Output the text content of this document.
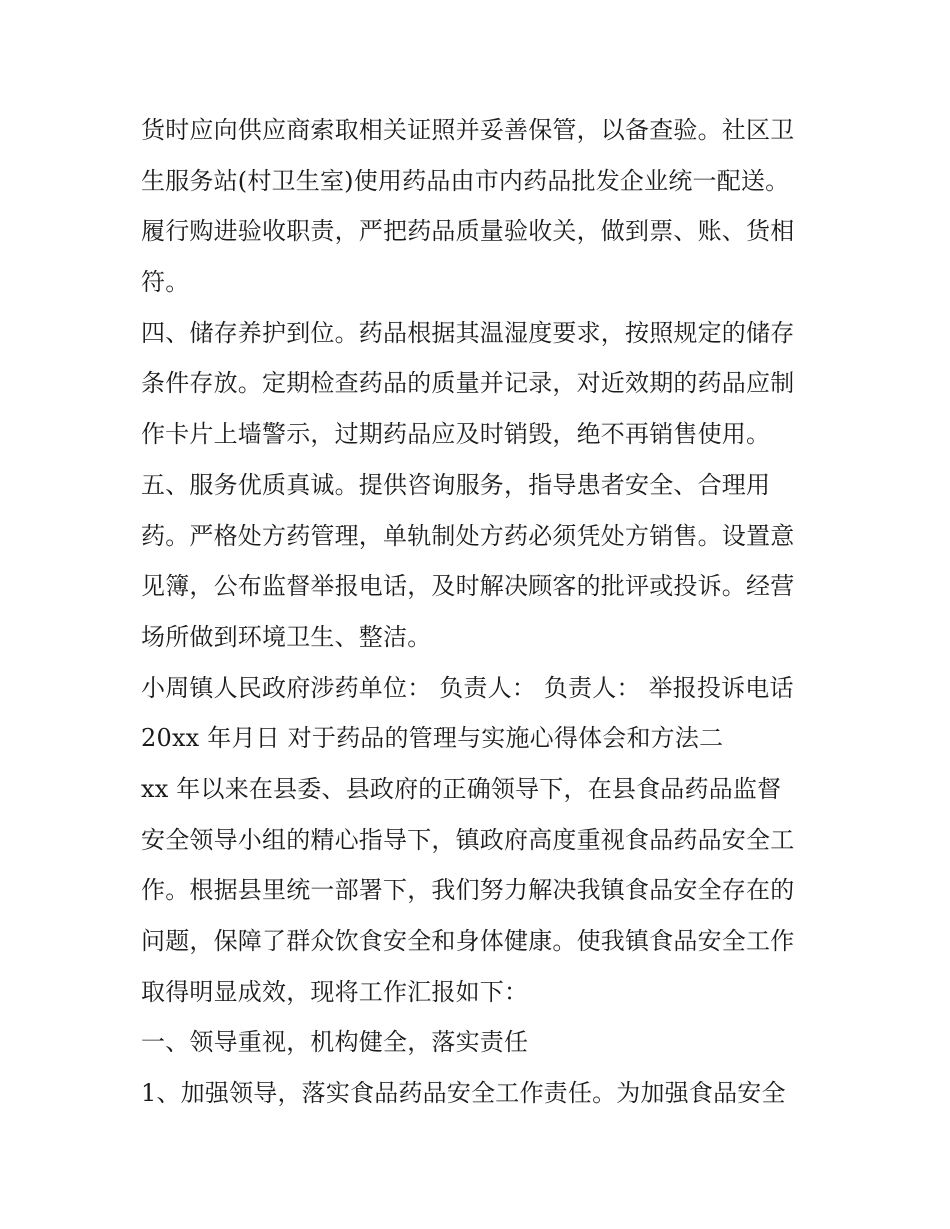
货时应向供应商索取相关证照并妥善保管，以备查验。社区卫
生服务站(村卫生室)使用药品由市内药品批发企业统一配送。
履行购进验收职责，严把药品质量验收关，做到票、账、货相
符。
四、储存养护到位。药品根据其温湿度要求，按照规定的储存
条件存放。定期检查药品的质量并记录，对近效期的药品应制
作卡片上墙警示，过期药品应及时销毁，绝不再销售使用。
五、服务优质真诚。提供咨询服务，指导患者安全、合理用
药。严格处方药管理，单轨制处方药必须凭处方销售。设置意
见簿，公布监督举报电话，及时解决顾客的批评或投诉。经营
场所做到环境卫生、整洁。
小周镇人民政府涉药单位： 负责人： 负责人： 举报投诉电话
20xx 年月日 对于药品的管理与实施心得体会和方法二
xx 年以来在县委、县政府的正确领导下，在县食品药品监督
安全领导小组的精心指导下，镇政府高度重视食品药品安全工
作。根据县里统一部署下，我们努力解决我镇食品安全存在的
问题，保障了群众饮食安全和身体健康。使我镇食品安全工作
取得明显成效，现将工作汇报如下：
一、领导重视，机构健全，落实责任
1、加强领导，落实食品药品安全工作责任。为加强食品安全
